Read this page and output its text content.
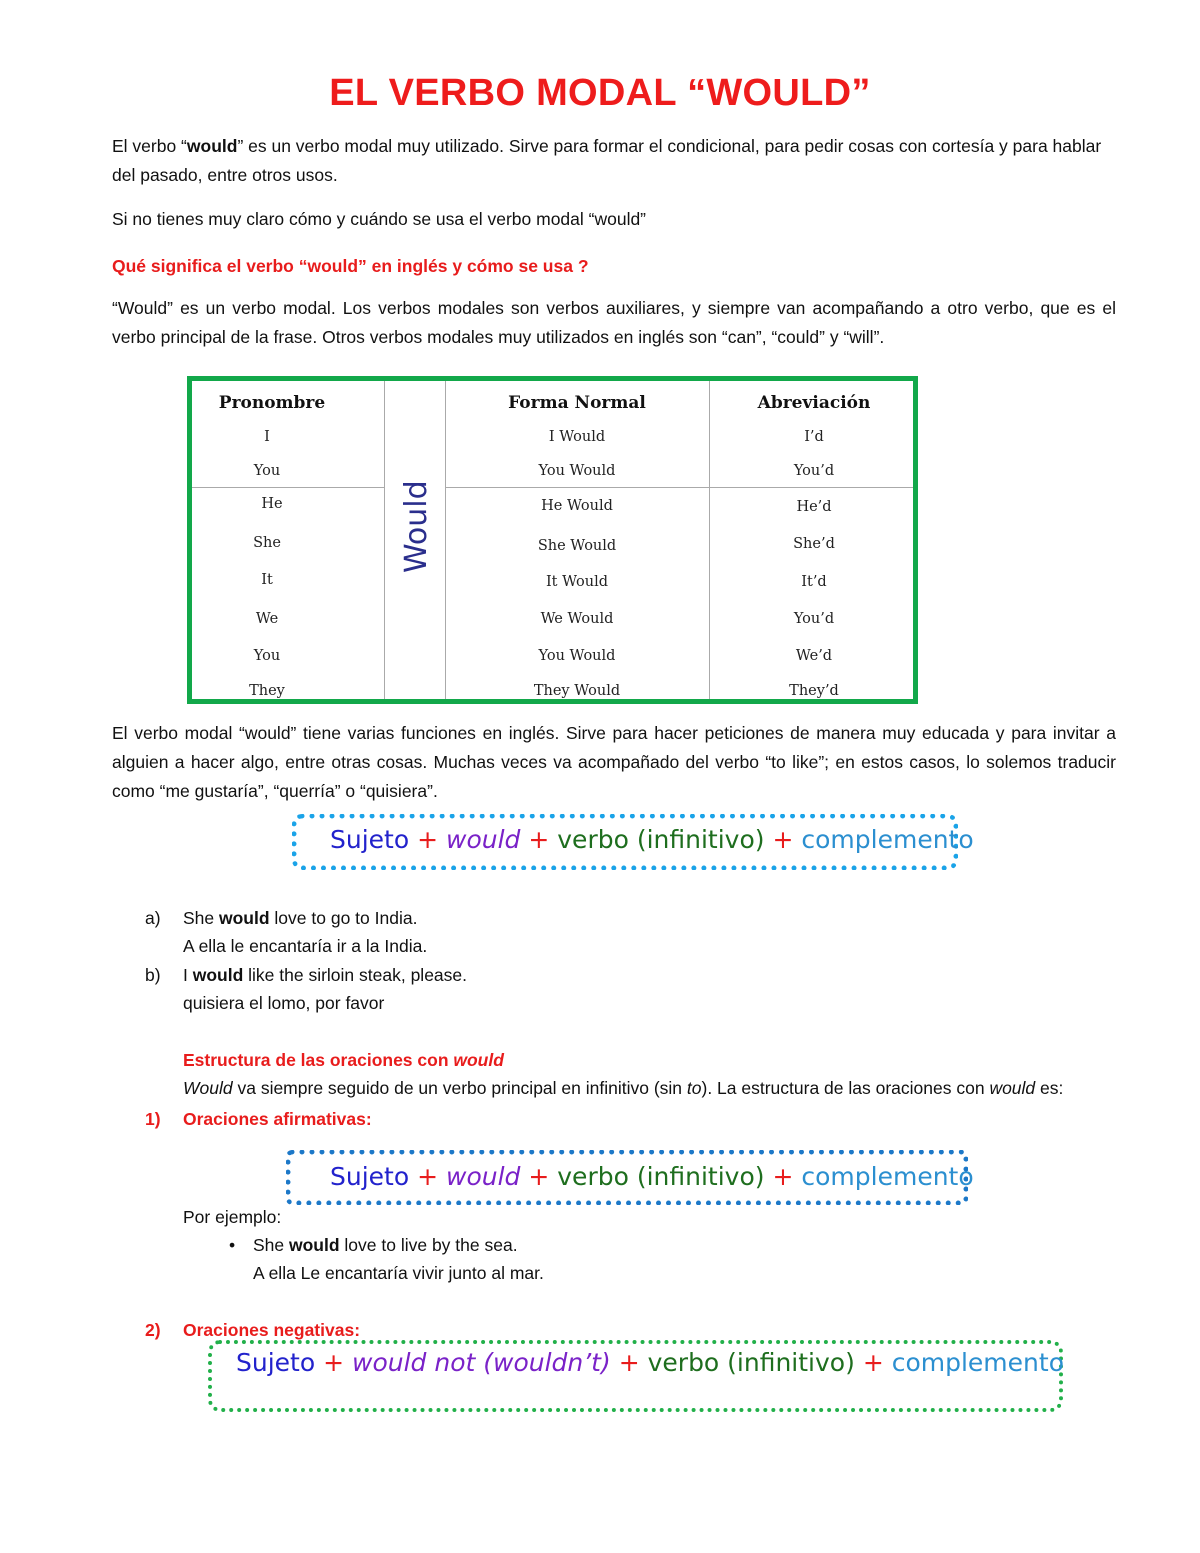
EL VERBO MODAL “WOULD”
El verbo “would” es un verbo modal muy utilizado. Sirve para formar el condicional, para pedir cosas con cortesía y para hablar del pasado, entre otros usos.
Si no tienes muy claro cómo y cuándo se usa el verbo modal “would”
Qué significa el verbo “would” en inglés y cómo se usa ?
“Would” es un verbo modal. Los verbos modales son verbos auxiliares, y siempre van acompañando a otro verbo, que es el verbo principal de la frase. Otros verbos modales muy utilizados en inglés son “can”, “could” y “will”.
Pronombre	Forma Normal	Abreviación
I	I Would	I’d
You	You Would	You’d
He	He Would	He’d
She	She Would	She’d
It	It Would	It’d
We	We Would	You’d
You	You Would	We’d
They	They Would	They’d
Would
El verbo modal “would” tiene varias funciones en inglés. Sirve para hacer peticiones de manera muy educada y para invitar a alguien a hacer algo, entre otras cosas. Muchas veces va acompañado del verbo “to like”; en estos casos, lo solemos traducir como “me gustaría”, “querría” o “quisiera”.
Sujeto + would + verbo (infinitivo) + complemento
a) She would love to go to India.
A ella le encantaría ir a la India.
b) I would like the sirloin steak, please.
quisiera el lomo, por favor
Estructura de las oraciones con would
Would va siempre seguido de un verbo principal en infinitivo (sin to). La estructura de las oraciones con would es:
1) Oraciones afirmativas:
Sujeto + would + verbo (infinitivo) + complemento
Por ejemplo:
• She would love to live by the sea.
A ella Le encantaría vivir junto al mar.
2) Oraciones negativas:
Sujeto + would not (wouldn’t) + verbo (infinitivo) + complemento
